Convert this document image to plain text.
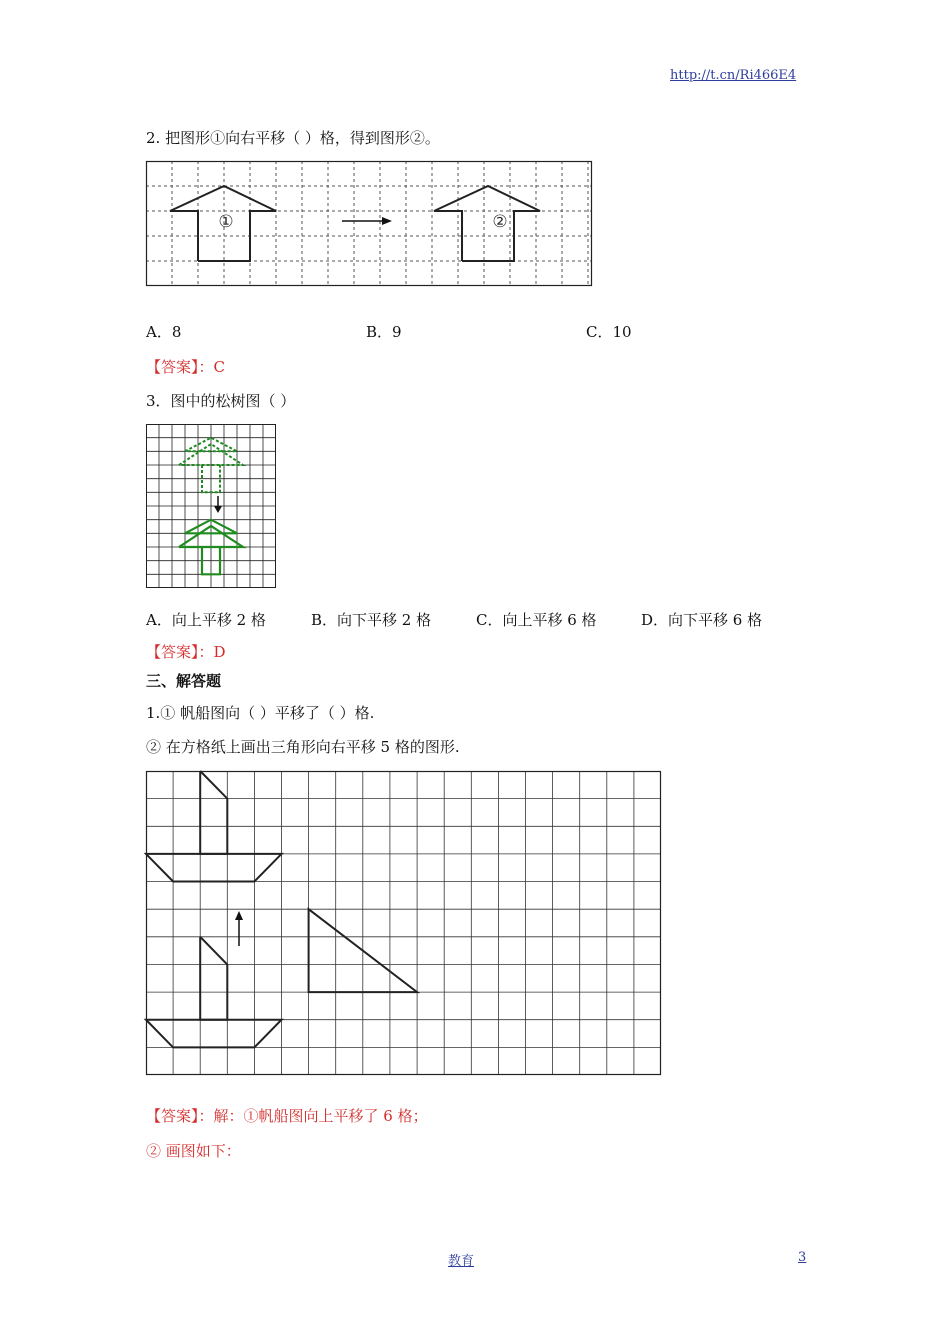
http://t.cn/Ri466E4
2. 把图形①向右平移（ ）格，得到图形②。
①	②
A．8	B．9	C．10
【答案】：C
3．图中的松树图（ ）
A．向上平移 2 格	B．向下平移 2 格	C．向上平移 6 格	D．向下平移 6 格
【答案】：D
三、解答题
1.① 帆船图向（ ）平移了（ ）格.
② 在方格纸上画出三角形向右平移 5 格的图形.
【答案】：解：①帆船图向上平移了 6 格；
② 画图如下：
教育	3
